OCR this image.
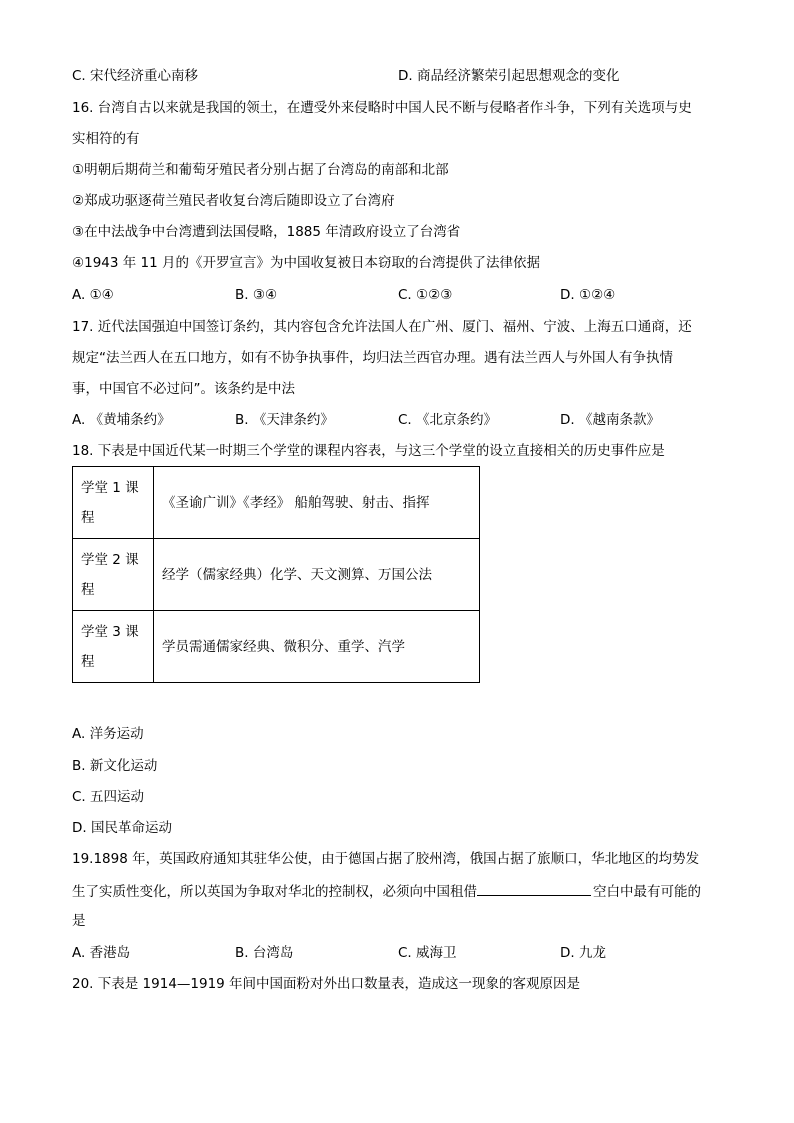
C. 宋代经济重心南移	D. 商品经济繁荣引起思想观念的变化
16. 台湾自古以来就是我国的领土，在遭受外来侵略时中国人民不断与侵略者作斗争，下列有关选项与史
实相符的有
①明朝后期荷兰和葡萄牙殖民者分别占据了台湾岛的南部和北部
②郑成功驱逐荷兰殖民者收复台湾后随即设立了台湾府
③在中法战争中台湾遭到法国侵略，1885 年清政府设立了台湾省
④1943 年 11 月的《开罗宣言》为中国收复被日本窃取的台湾提供了法律依据
A. ①④	B. ③④	C. ①②③	D. ①②④
17. 近代法国强迫中国签订条约，其内容包含允许法国人在广州、厦门、福州、宁波、上海五口通商，还
规定“法兰西人在五口地方，如有不协争执事件，均归法兰西官办理。遇有法兰西人与外国人有争执情
事，中国官不必过问”。该条约是中法
A. 《黄埔条约》	B. 《天津条约》	C. 《北京条约》	D. 《越南条款》
18. 下表是中国近代某一时期三个学堂的课程内容表，与这三个学堂的设立直接相关的历史事件应是
学堂 1 课程	《圣谕广训》《孝经》 船舶驾驶、射击、指挥
学堂 2 课程	经学（儒家经典）化学、天文测算、万国公法
学堂 3 课程	学员需通儒家经典、微积分、重学、汽学
A. 洋务运动
B. 新文化运动
C. 五四运动
D. 国民革命运动
19.1898 年，英国政府通知其驻华公使，由于德国占据了胶州湾，俄国占据了旅顺口，华北地区的均势发
生了实质性变化，所以英国为争取对华北的控制权，必须向中国租借	空白中最有可能的
是
A. 香港岛	B. 台湾岛	C. 威海卫	D. 九龙
20. 下表是 1914—1919 年间中国面粉对外出口数量表，造成这一现象的客观原因是
